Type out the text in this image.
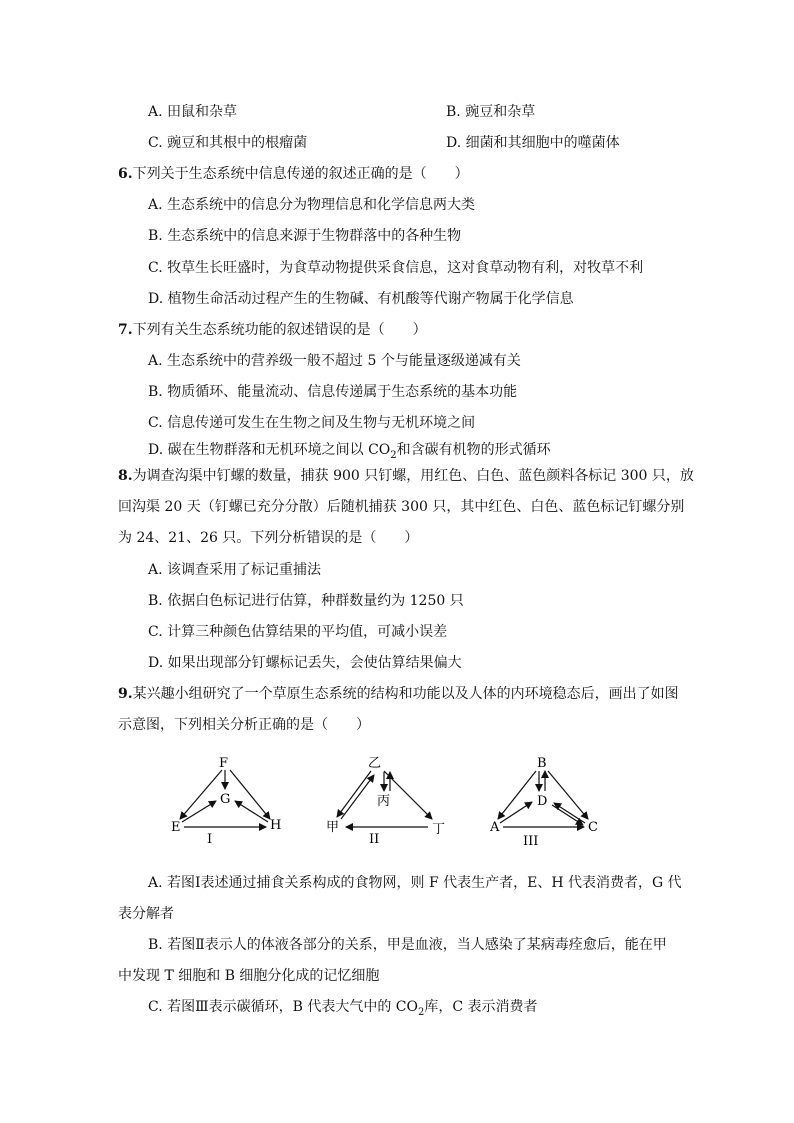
A. 田鼠和杂草	B. 豌豆和杂草
C. 豌豆和其根中的根瘤菌	D. 细菌和其细胞中的噬菌体
6.下列关于生态系统中信息传递的叙述正确的是（　　）
A. 生态系统中的信息分为物理信息和化学信息两大类
B. 生态系统中的信息来源于生物群落中的各种生物
C. 牧草生长旺盛时，为食草动物提供采食信息，这对食草动物有利，对牧草不利
D. 植物生命活动过程产生的生物碱、有机酸等代谢产物属于化学信息
7.下列有关生态系统功能的叙述错误的是（　　）
A. 生态系统中的营养级一般不超过 5 个与能量逐级递减有关
B. 物质循环、能量流动、信息传递属于生态系统的基本功能
C. 信息传递可发生在生物之间及生物与无机环境之间
D. 碳在生物群落和无机环境之间以 $CO_2$和含碳有机物的形式循环
8.为调查沟渠中钉螺的数量，捕获 900 只钉螺，用红色、白色、蓝色颜料各标记 300 只，放
回沟渠 20 天（钉螺已充分分散）后随机捕获 300 只，其中红色、白色、蓝色标记钉螺分别
为 24、21、26 只。下列分析错误的是（　　）
A. 该调查采用了标记重捕法
B. 依据白色标记进行估算，种群数量约为 1250 只
C. 计算三种颜色估算结果的平均值，可减小误差
D. 如果出现部分钉螺标记丢失，会使估算结果偏大
9.某兴趣小组研究了一个草原生态系统的结构和功能以及人体的内环境稳态后，画出了如图
示意图，下列相关分析正确的是（　　）
F
G
E	H
I
乙
丙
甲	丁
II
B
D
A	C
III
A. 若图Ⅰ表述通过捕食关系构成的食物网，则 F 代表生产者，E、H 代表消费者，G 代
表分解者
B. 若图Ⅱ表示人的体液各部分的关系，甲是血液，当人感染了某病毒痊愈后，能在甲
中发现 T 细胞和 B 细胞分化成的记忆细胞
C. 若图Ⅲ表示碳循环，B 代表大气中的 $CO_2$库，C 表示消费者
